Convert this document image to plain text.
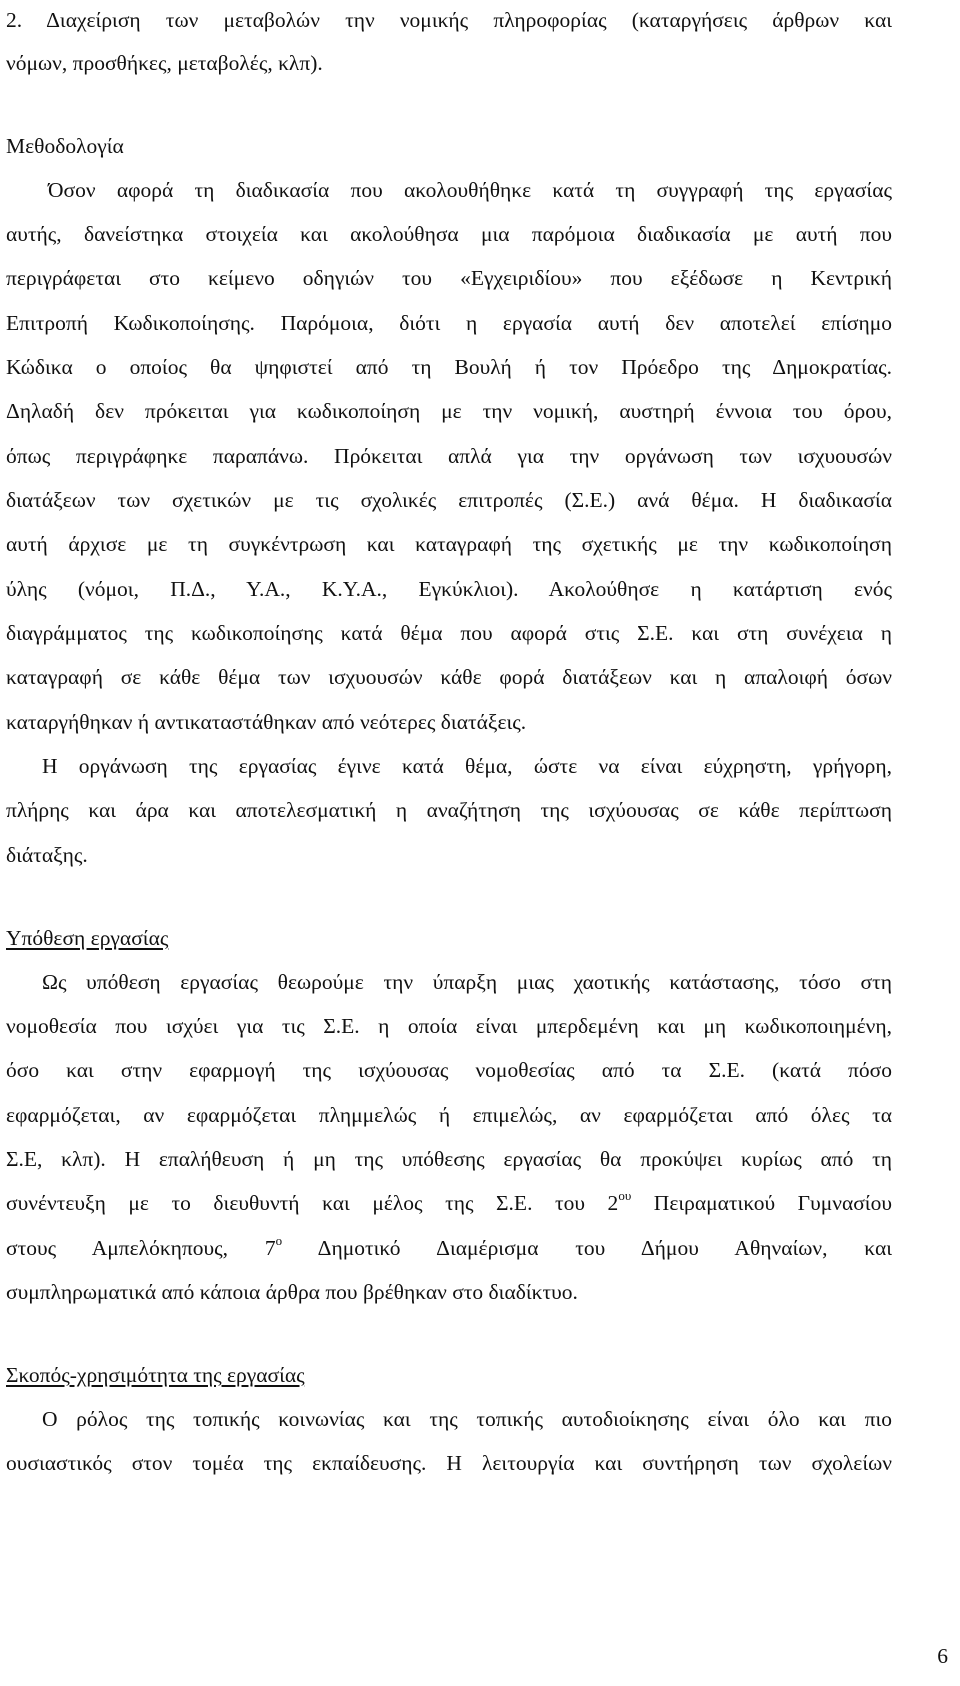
2. Διαχείριση των μεταβολών την νομικής πληροφορίας (καταργήσεις άρθρων και
νόμων, προσθήκες, μεταβολές, κλπ).
Μεθοδολογία
Όσον αφορά τη διαδικασία που ακολουθήθηκε κατά τη συγγραφή της εργασίας
αυτής, δανείστηκα στοιχεία και ακολούθησα μια παρόμοια διαδικασία με αυτή που
περιγράφεται στο κείμενο οδηγιών του «Εγχειριδίου» που εξέδωσε η Κεντρική
Επιτροπή Κωδικοποίησης. Παρόμοια, διότι η εργασία αυτή δεν αποτελεί επίσημο
Κώδικα ο οποίος θα ψηφιστεί από τη Βουλή ή τον Πρόεδρο της Δημοκρατίας.
Δηλαδή δεν πρόκειται για κωδικοποίηση με την νομική, αυστηρή έννοια του όρου,
όπως περιγράφηκε παραπάνω. Πρόκειται απλά για την οργάνωση των ισχυουσών
διατάξεων των σχετικών με τις σχολικές επιτροπές (Σ.Ε.) ανά θέμα. Η διαδικασία
αυτή άρχισε με τη συγκέντρωση και καταγραφή της σχετικής με την κωδικοποίηση
ύλης (νόμοι, Π.Δ., Υ.Α., Κ.Υ.Α., Εγκύκλιοι). Ακολούθησε η κατάρτιση ενός
διαγράμματος της κωδικοποίησης κατά θέμα που αφορά στις Σ.Ε. και στη συνέχεια η
καταγραφή σε κάθε θέμα των ισχυουσών κάθε φορά διατάξεων και η απαλοιφή όσων
καταργήθηκαν ή αντικαταστάθηκαν από νεότερες διατάξεις.
Η οργάνωση της εργασίας έγινε κατά θέμα, ώστε να είναι εύχρηστη, γρήγορη,
πλήρης και άρα και αποτελεσματική η αναζήτηση της ισχύουσας σε κάθε περίπτωση
διάταξης.
Υπόθεση εργασίας
Ως υπόθεση εργασίας θεωρούμε την ύπαρξη μιας χαοτικής κατάστασης, τόσο στη
νομοθεσία που ισχύει για τις Σ.Ε. η οποία είναι μπερδεμένη και μη κωδικοποιημένη,
όσο και στην εφαρμογή της ισχύουσας νομοθεσίας από τα Σ.Ε. (κατά πόσο
εφαρμόζεται, αν εφαρμόζεται πλημμελώς ή επιμελώς, αν εφαρμόζεται από όλες τα
Σ.Ε, κλπ). Η επαλήθευση ή μη της υπόθεσης εργασίας θα προκύψει κυρίως από τη
συνέντευξη με το διευθυντή και μέλος της Σ.Ε. του $2^{o\upsilon}$ Πειραματικού Γυμνασίου
στους Αμπελόκηπους, $7^o$ Δημοτικό Διαμέρισμα του Δήμου Αθηναίων, και
συμπληρωματικά από κάποια άρθρα που βρέθηκαν στο διαδίκτυο.
Σκοπός-χρησιμότητα της εργασίας
Ο ρόλος της τοπικής κοινωνίας και της τοπικής αυτοδιοίκησης είναι όλο και πιο
ουσιαστικός στον τομέα της εκπαίδευσης. Η λειτουργία και συντήρηση των σχολείων
6
